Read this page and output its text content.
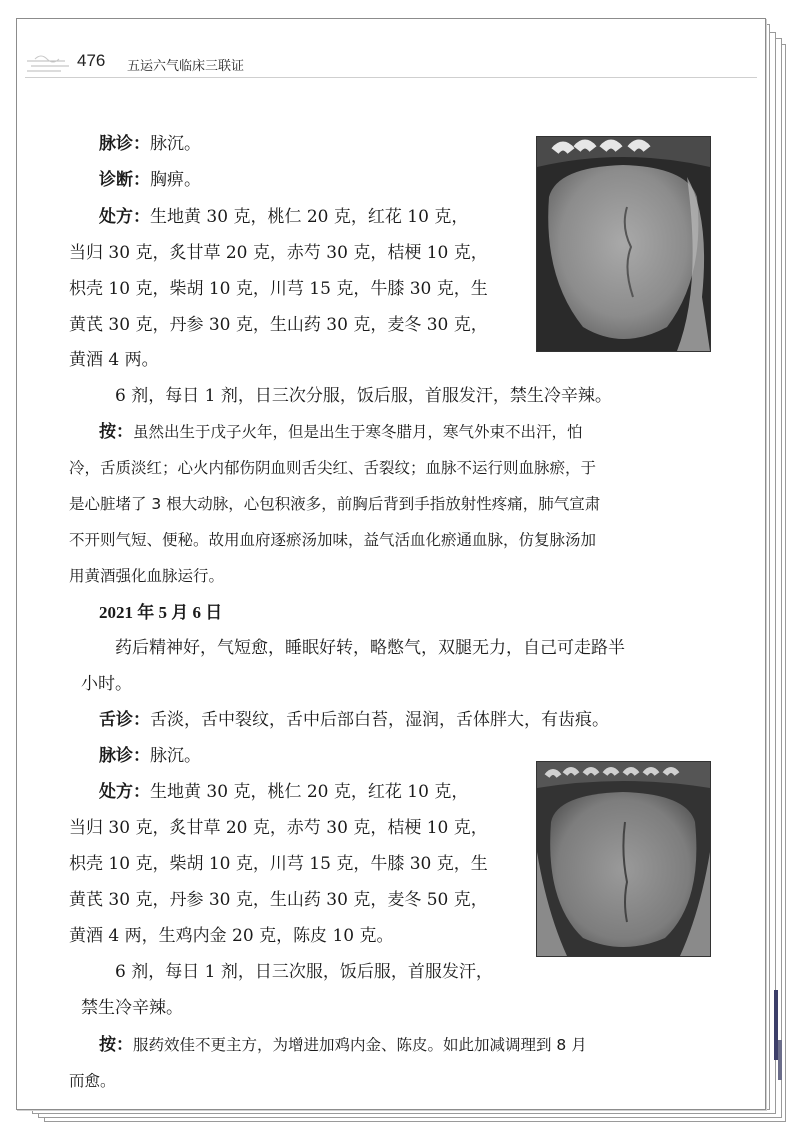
476 五运六气临床三联证
脉诊：脉沉。
诊断：胸痹。
处方：生地黄 30 克，桃仁 20 克，红花 10 克，
当归 30 克，炙甘草 20 克，赤芍 30 克，桔梗 10 克，
枳壳 10 克，柴胡 10 克，川芎 15 克，牛膝 30 克，生
黄芪 30 克，丹参 30 克，生山药 30 克，麦冬 30 克，
黄酒 4 两。
6 剂，每日 1 剂，日三次分服，饭后服，首服发汗，禁生冷辛辣。
按：虽然出生于戊子火年，但是出生于寒冬腊月，寒气外束不出汗，怕
冷，舌质淡红；心火内郁伤阴血则舌尖红、舌裂纹；血脉不运行则血脉瘀，于
是心脏堵了 3 根大动脉，心包积液多，前胸后背到手指放射性疼痛，肺气宣肃
不开则气短、便秘。故用血府逐瘀汤加味，益气活血化瘀通血脉，仿复脉汤加
用黄酒强化血脉运行。
2021 年 5 月 6 日
药后精神好，气短愈，睡眠好转，略憋气，双腿无力，自己可走路半
小时。
舌诊：舌淡，舌中裂纹，舌中后部白苔，湿润，舌体胖大，有齿痕。
脉诊：脉沉。
处方：生地黄 30 克，桃仁 20 克，红花 10 克，
当归 30 克，炙甘草 20 克，赤芍 30 克，桔梗 10 克，
枳壳 10 克，柴胡 10 克，川芎 15 克，牛膝 30 克，生
黄芪 30 克，丹参 30 克，生山药 30 克，麦冬 50 克，
黄酒 4 两，生鸡内金 20 克，陈皮 10 克。
6 剂，每日 1 剂，日三次服，饭后服，首服发汗，
禁生冷辛辣。
按：服药效佳不更主方，为增进加鸡内金、陈皮。如此加减调理到 8 月
而愈。
